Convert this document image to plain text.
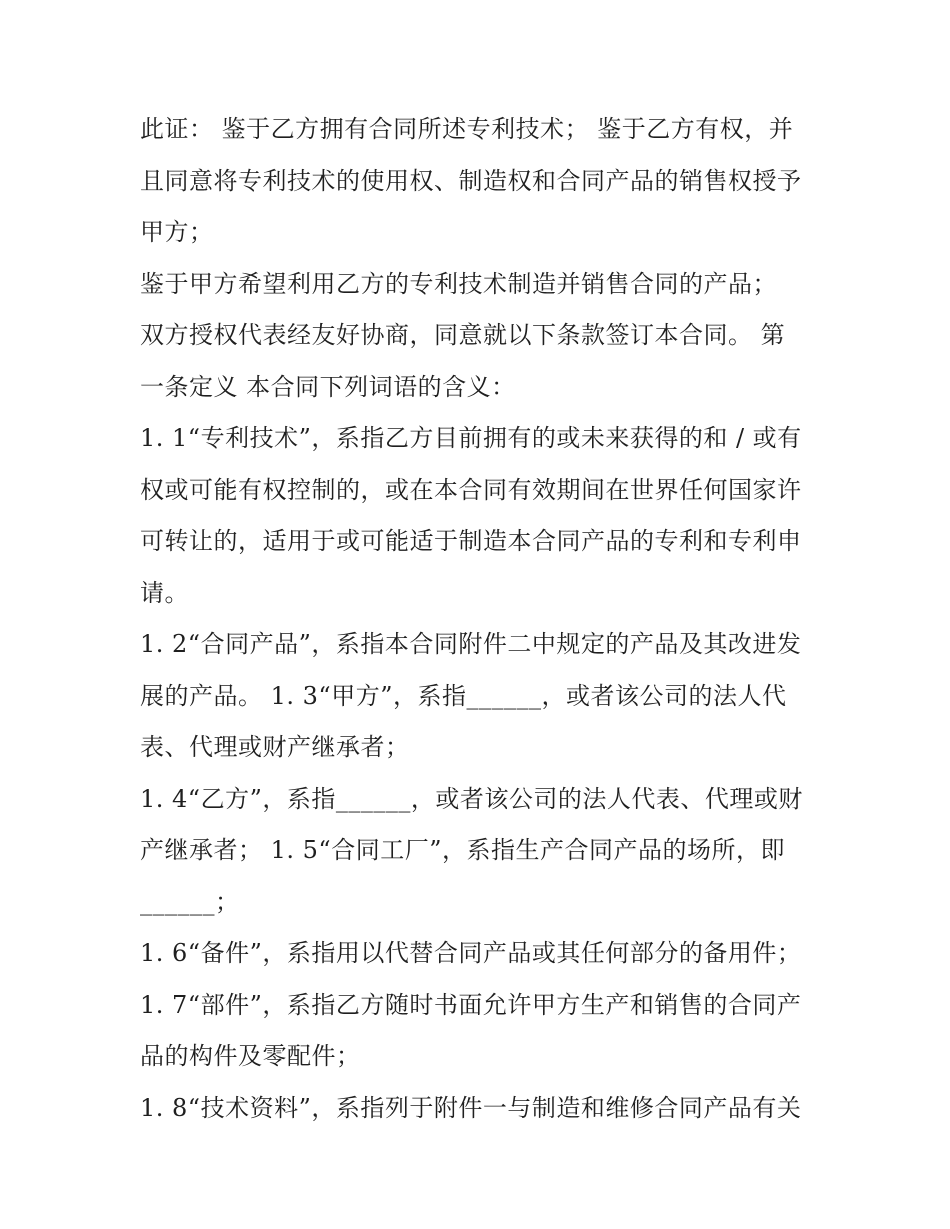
此证： 鉴于乙方拥有合同所述专利技术； 鉴于乙方有权，并
且同意将专利技术的使用权、制造权和合同产品的销售权授予
甲方；
鉴于甲方希望利用乙方的专利技术制造并销售合同的产品；
双方授权代表经友好协商，同意就以下条款签订本合同。 第
一条定义 本合同下列词语的含义：
1. 1“专利技术”，系指乙方目前拥有的或未来获得的和 / 或有
权或可能有权控制的，或在本合同有效期间在世界任何国家许
可转让的，适用于或可能适于制造本合同产品的专利和专利申
请。
1. 2“合同产品”，系指本合同附件二中规定的产品及其改进发
展的产品。 1. 3“甲方”，系指______，或者该公司的法人代
表、代理或财产继承者；
1. 4“乙方”，系指______，或者该公司的法人代表、代理或财
产继承者； 1. 5“合同工厂”，系指生产合同产品的场所，即
______；
1. 6“备件”，系指用以代替合同产品或其任何部分的备用件；
1. 7“部件”，系指乙方随时书面允许甲方生产和销售的合同产
品的构件及零配件；
1. 8“技术资料”，系指列于附件一与制造和维修合同产品有关
